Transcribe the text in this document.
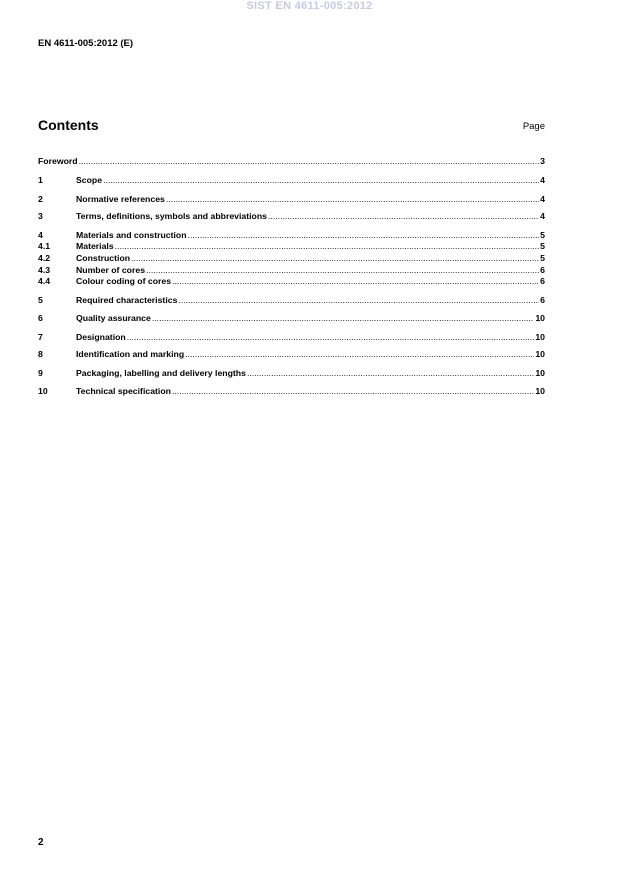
SIST EN 4611-005:2012
EN 4611-005:2012 (E)
Contents	Page
Foreword .....	3
1	Scope .....	4
2	Normative references .....	4
3	Terms, definitions, symbols and abbreviations .....	4
4	Materials and construction .....	5
4.1	Materials .....	5
4.2	Construction .....	5
4.3	Number of cores .....	6
4.4	Colour coding of cores .....	6
5	Required characteristics .....	6
6	Quality assurance .....	10
7	Designation .....	10
8	Identification and marking .....	10
9	Packaging, labelling and delivery lengths .....	10
10	Technical specification .....	10
2
